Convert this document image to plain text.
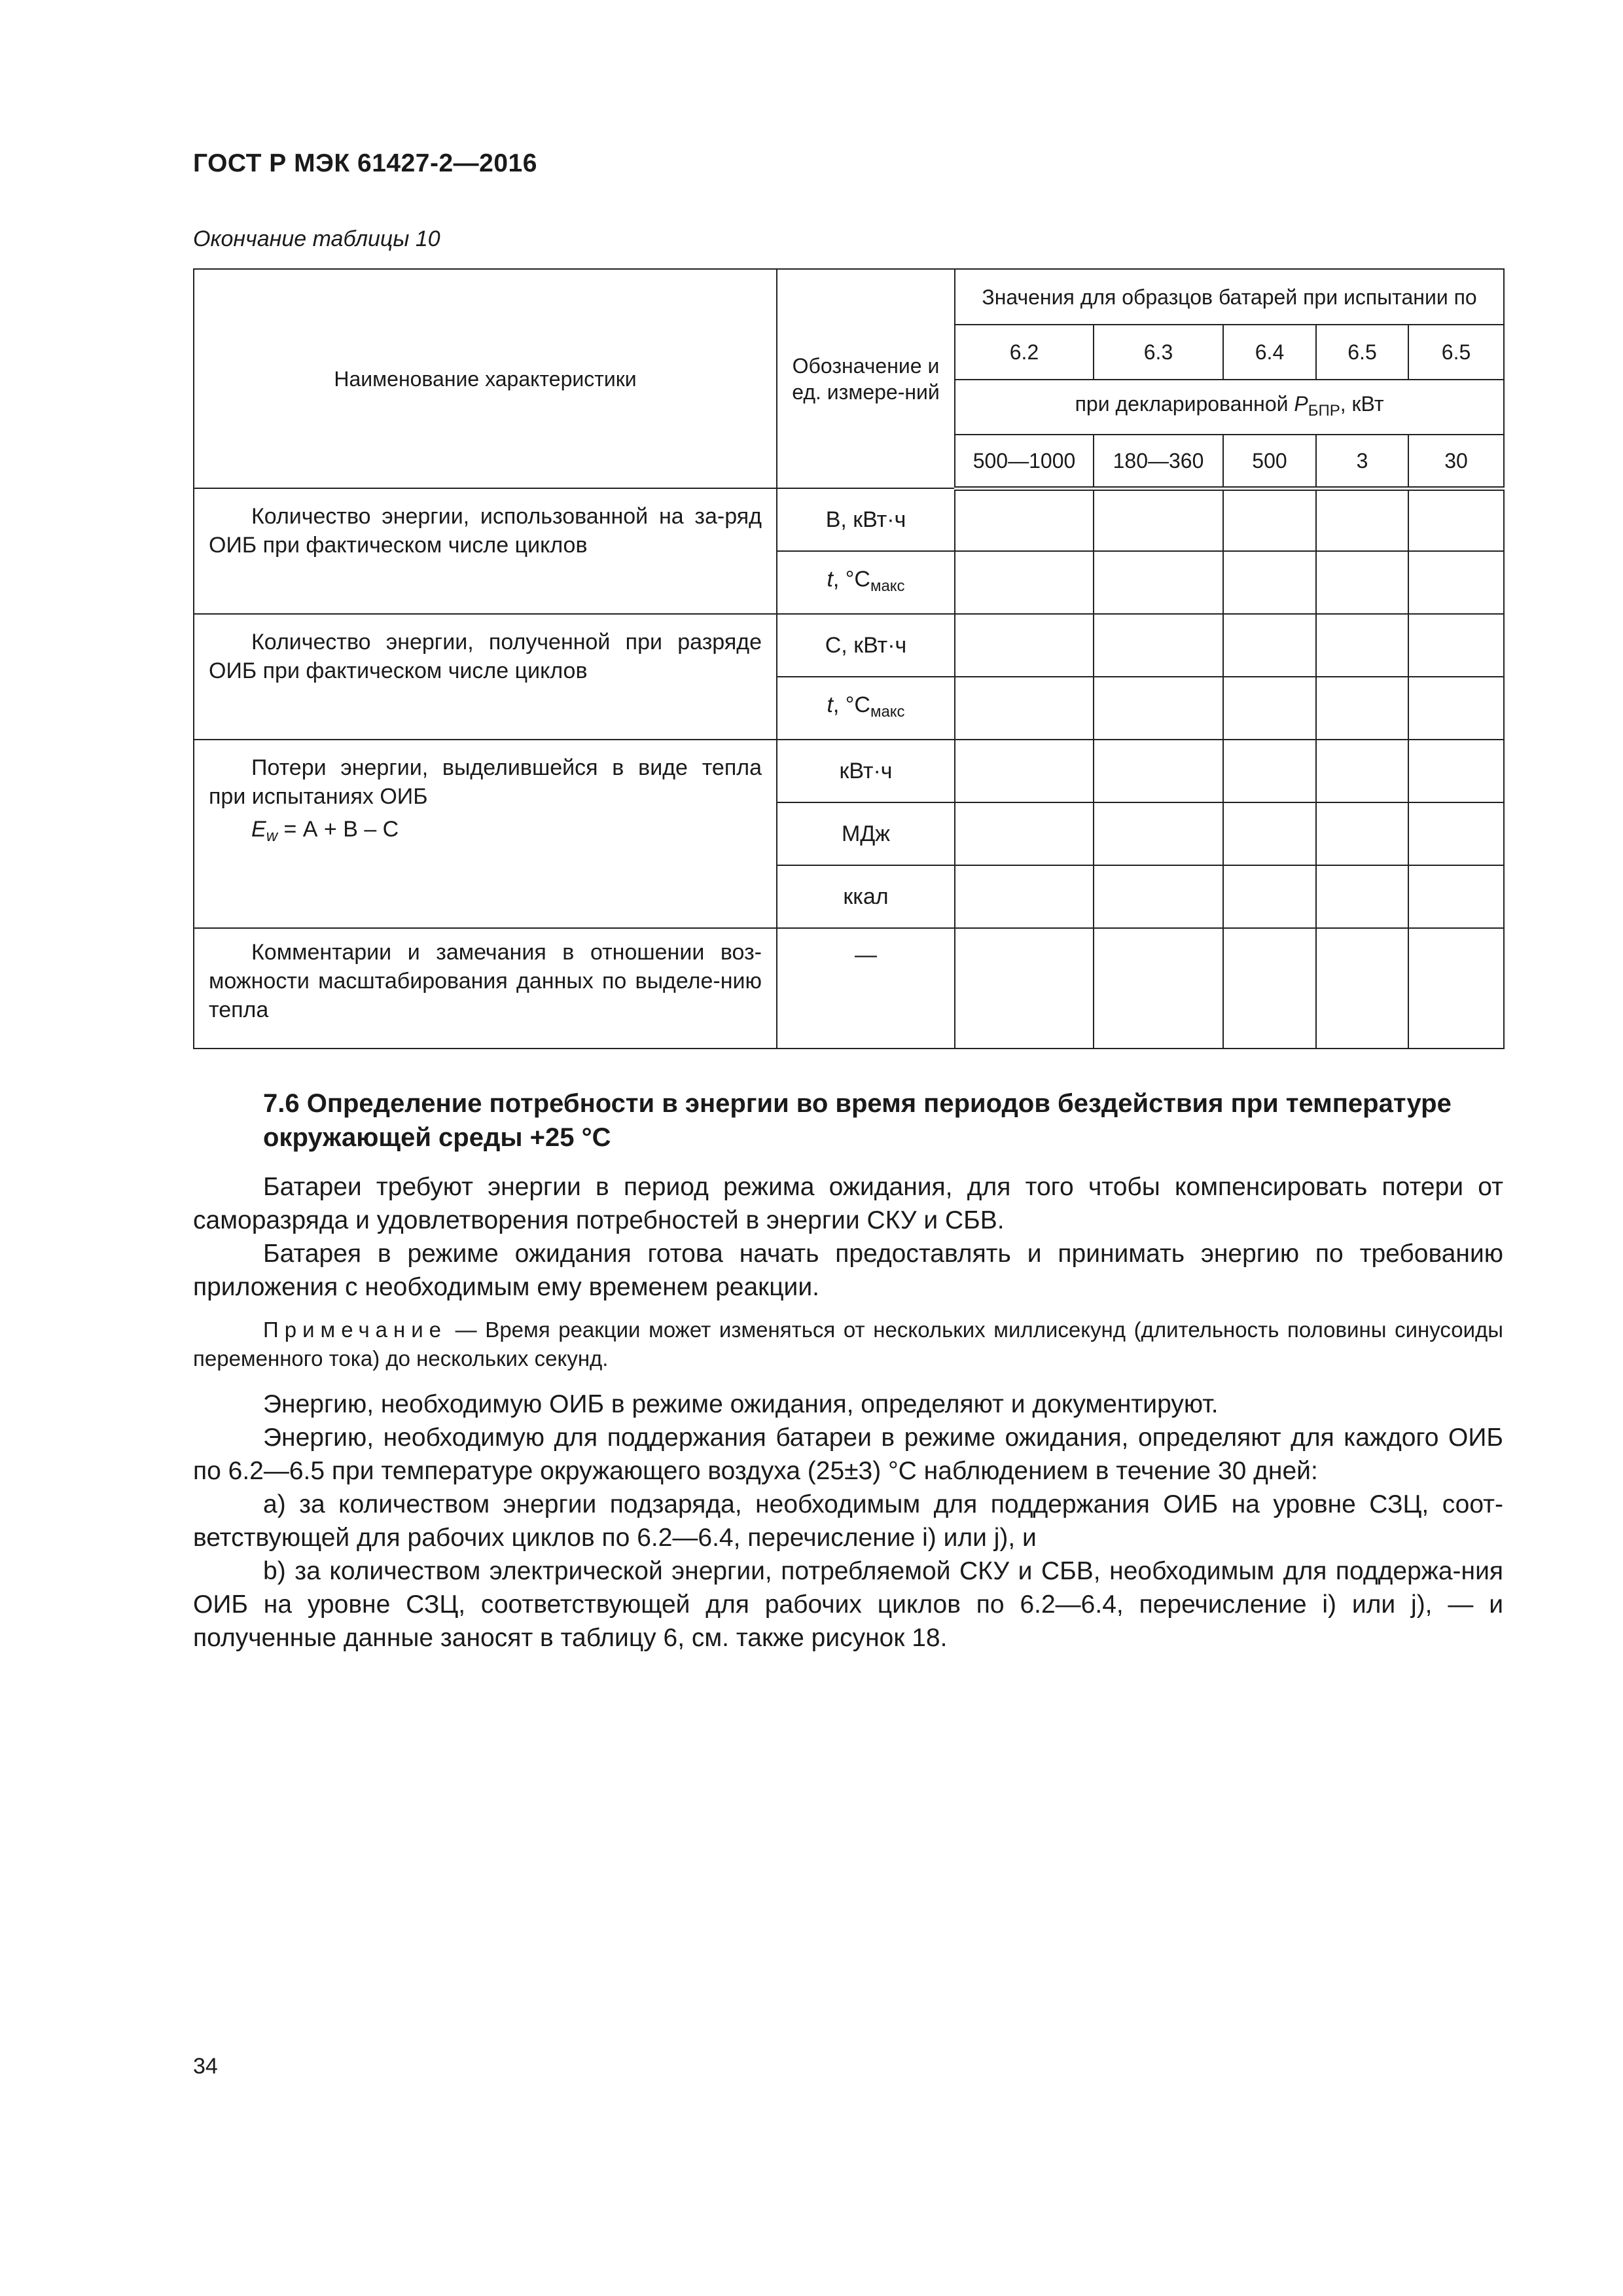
ГОСТ Р МЭК 61427-2—2016
Окончание таблицы 10
Наименование характеристики	Обозначение и ед. измере-ний	Значения для образцов батарей при испытании по				
		6.2	6.3	6.4	6.5	6.5
		при декларированной $P_{БПР}$, кВт				
		500—1000	180—360	500	3	30

Количество энергии, использованной на за-ряд ОИБ при фактическом числе циклов	B, кВт·ч					
	t, $^\circ С_{макс}$					

Количество энергии, полученной при разряде ОИБ при фактическом числе циклов	С, кВт·ч					
	t, $^\circ С_{макс}$					

Потери энергии, выделившейся в виде тепла при испытаниях ОИБ
$E_w = А + В - С$	кВт·ч					
	МДж					
	ккал					

Комментарии и замечания в отношении воз-можности масштабирования данных по выделе-нию тепла	—					
7.6 Определение потребности в энергии во время периодов бездействия при температуре окружающей среды +25 °С

Батареи требуют энергии в период режима ожидания, для того чтобы компенсировать потери от саморазряда и удовлетворения потребностей в энергии СКУ и СБВ.

Батарея в режиме ожидания готова начать предоставлять и принимать энергию по требованию приложения с необходимым ему временем реакции.

Примечание — Время реакции может изменяться от нескольких миллисекунд (длительность половины синусоиды переменного тока) до нескольких секунд.

Энергию, необходимую ОИБ в режиме ожидания, определяют и документируют.

Энергию, необходимую для поддержания батареи в режиме ожидания, определяют для каждого ОИБ по 6.2—6.5 при температуре окружающего воздуха (25±3) °С наблюдением в течение 30 дней:

a) за количеством энергии подзаряда, необходимым для поддержания ОИБ на уровне СЗЦ, соот-ветствующей для рабочих циклов по 6.2—6.4, перечисление i) или j), и

b) за количеством электрической энергии, потребляемой СКУ и СБВ, необходимым для поддержа-ния ОИБ на уровне СЗЦ, соответствующей для рабочих циклов по 6.2—6.4, перечисление i) или j), — и полученные данные заносят в таблицу 6, см. также рисунок 18.

34
